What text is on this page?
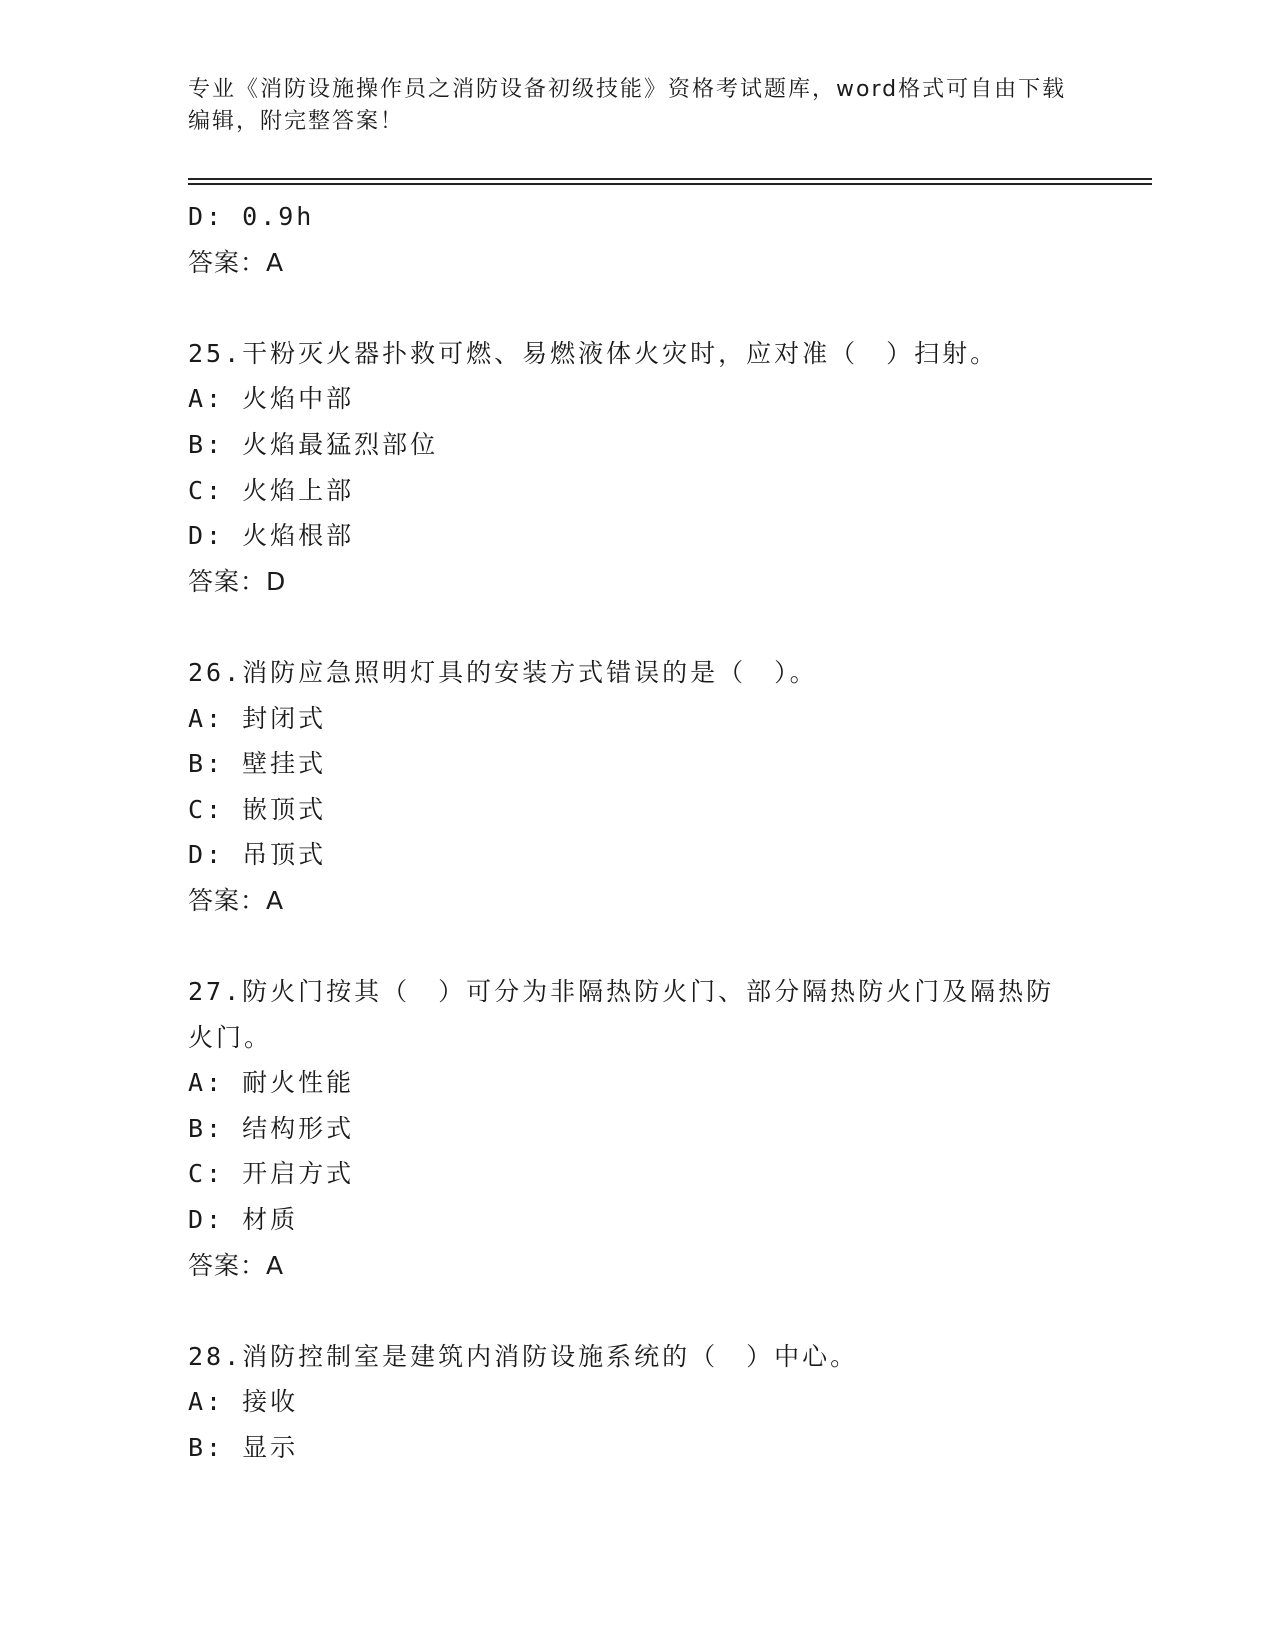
专业《消防设施操作员之消防设备初级技能》资格考试题库，word格式可自由下载编辑，附完整答案！
D: 0.9h
答案：A
25.干粉灭火器扑救可燃、易燃液体火灾时，应对准（　）扫射。
A: 火焰中部
B: 火焰最猛烈部位
C: 火焰上部
D: 火焰根部
答案：D
26.消防应急照明灯具的安装方式错误的是（　）。
A: 封闭式
B: 壁挂式
C: 嵌顶式
D: 吊顶式
答案：A
27.防火门按其（　）可分为非隔热防火门、部分隔热防火门及隔热防火门。
A: 耐火性能
B: 结构形式
C: 开启方式
D: 材质
答案：A
28.消防控制室是建筑内消防设施系统的（　）中心。
A: 接收
B: 显示
